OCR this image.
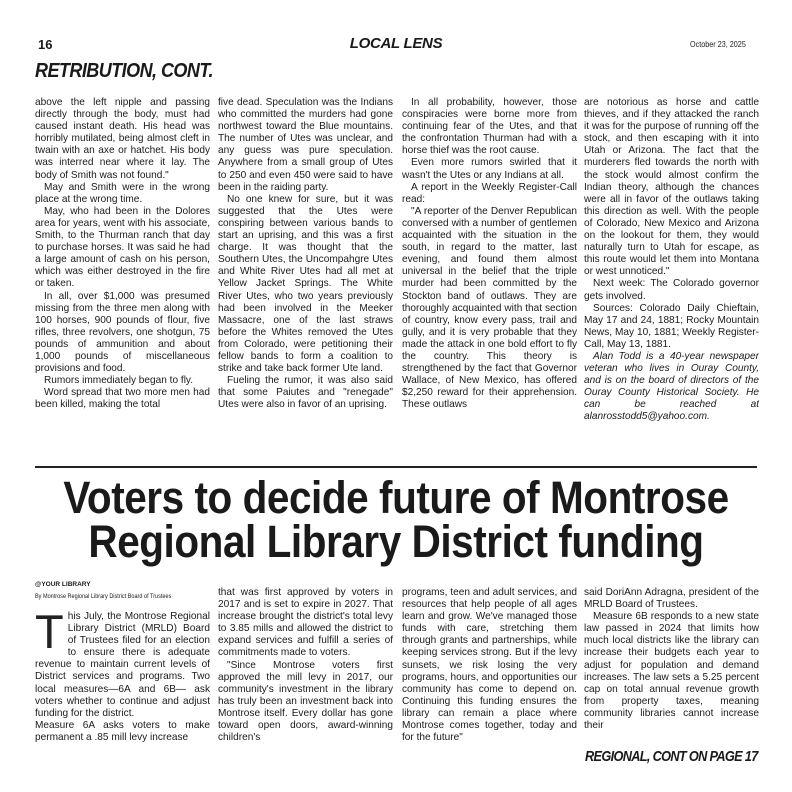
16	LOCAL LENS	October 23, 2025
RETRIBUTION, CONT.

above the left nipple and passing directly through the body, must had caused instant death. His head was horribly mutilated, being almost cleft in twain with an axe or hatchet. His body was interred near where it lay. The body of Smith was not found."

May and Smith were in the wrong place at the wrong time.

May, who had been in the Dolores area for years, went with his associate, Smith, to the Thurman ranch that day to purchase horses. It was said he had a large amount of cash on his person, which was either destroyed in the fire or taken.

In all, over $1,000 was presumed missing from the three men along with 100 horses, 900 pounds of flour, five rifles, three revolvers, one shotgun, 75 pounds of ammunition and about 1,000 pounds of miscellaneous provisions and food.

Rumors immediately began to fly.

Word spread that two more men had been killed, making the total

five dead. Speculation was the Indians who committed the murders had gone northwest toward the Blue mountains. The number of Utes was unclear, and any guess was pure speculation. Anywhere from a small group of Utes to 250 and even 450 were said to have been in the raiding party.

No one knew for sure, but it was suggested that the Utes were conspiring between various bands to start an uprising, and this was a first charge. It was thought that the Southern Utes, the Uncompahgre Utes and White River Utes had all met at Yellow Jacket Springs. The White River Utes, who two years previously had been involved in the Meeker Massacre, one of the last straws before the Whites removed the Utes from Colorado, were petitioning their fellow bands to form a coalition to strike and take back former Ute land.

Fueling the rumor, it was also said that some Paiutes and "renegade" Utes were also in favor of an uprising.

In all probability, however, those conspiracies were borne more from continuing fear of the Utes, and that the confrontation Thurman had with a horse thief was the root cause.

Even more rumors swirled that it wasn't the Utes or any Indians at all.

A report in the Weekly Register-Call read:

"A reporter of the Denver Republican conversed with a number of gentlemen acquainted with the situation in the south, in regard to the matter, last evening, and found them almost universal in the belief that the triple murder had been committed by the Stockton band of outlaws. They are thoroughly acquainted with that section of country, know every pass, trail and gully, and it is very probable that they made the attack in one bold effort to fly the country. This theory is strengthened by the fact that Governor Wallace, of New Mexico, has offered $2,250 reward for their apprehension. These outlaws

are notorious as horse and cattle thieves, and if they attacked the ranch it was for the purpose of running off the stock, and then escaping with it into Utah or Arizona. The fact that the murderers fled towards the north with the stock would almost confirm the Indian theory, although the chances were all in favor of the outlaws taking this direction as well. With the people of Colorado, New Mexico and Arizona on the lookout for them, they would naturally turn to Utah for escape, as this route would let them into Montana or west unnoticed."

Next week: The Colorado governor gets involved.

Sources: Colorado Daily Chieftain, May 17 and 24, 1881; Rocky Mountain News, May 10, 1881; Weekly Register-Call, May 13, 1881.

Alan Todd is a 40-year newspaper veteran who lives in Ouray County, and is on the board of directors of the Ouray County Historical Society. He can be reached at alanrosstodd5@yahoo.com.

Voters to decide future of Montrose
Regional Library District funding
@YOUR LIBRARY
By Montrose Regional Library District Board of Trustees

This July, the Montrose Regional Library District (MRLD) Board of Trustees filed for an election to ensure there is adequate revenue to maintain current levels of District services and programs. Two local measures—6A and 6B— ask voters whether to continue and adjust funding for the district.

Measure 6A asks voters to make permanent a .85 mill levy increase

that was first approved by voters in 2017 and is set to expire in 2027. That increase brought the district's total levy to 3.85 mills and allowed the district to expand services and fulfill a series of commitments made to voters.

"Since Montrose voters first approved the mill levy in 2017, our community's investment in the library has truly been an investment back into Montrose itself. Every dollar has gone toward open doors, award-winning children's

programs, teen and adult services, and resources that help people of all ages learn and grow. We've managed those funds with care, stretching them through grants and partnerships, while keeping services strong. But if the levy sunsets, we risk losing the very programs, hours, and opportunities our community has come to depend on. Continuing this funding ensures the library can remain a place where Montrose comes together, today and for the future"

said DoriAnn Adragna, president of the MRLD Board of Trustees.

Measure 6B responds to a new state law passed in 2024 that limits how much local districts like the library can increase their budgets each year to adjust for population and demand increases. The law sets a 5.25 percent cap on total annual revenue growth from property taxes, meaning community libraries cannot increase their

REGIONAL, CONT ON PAGE 17
